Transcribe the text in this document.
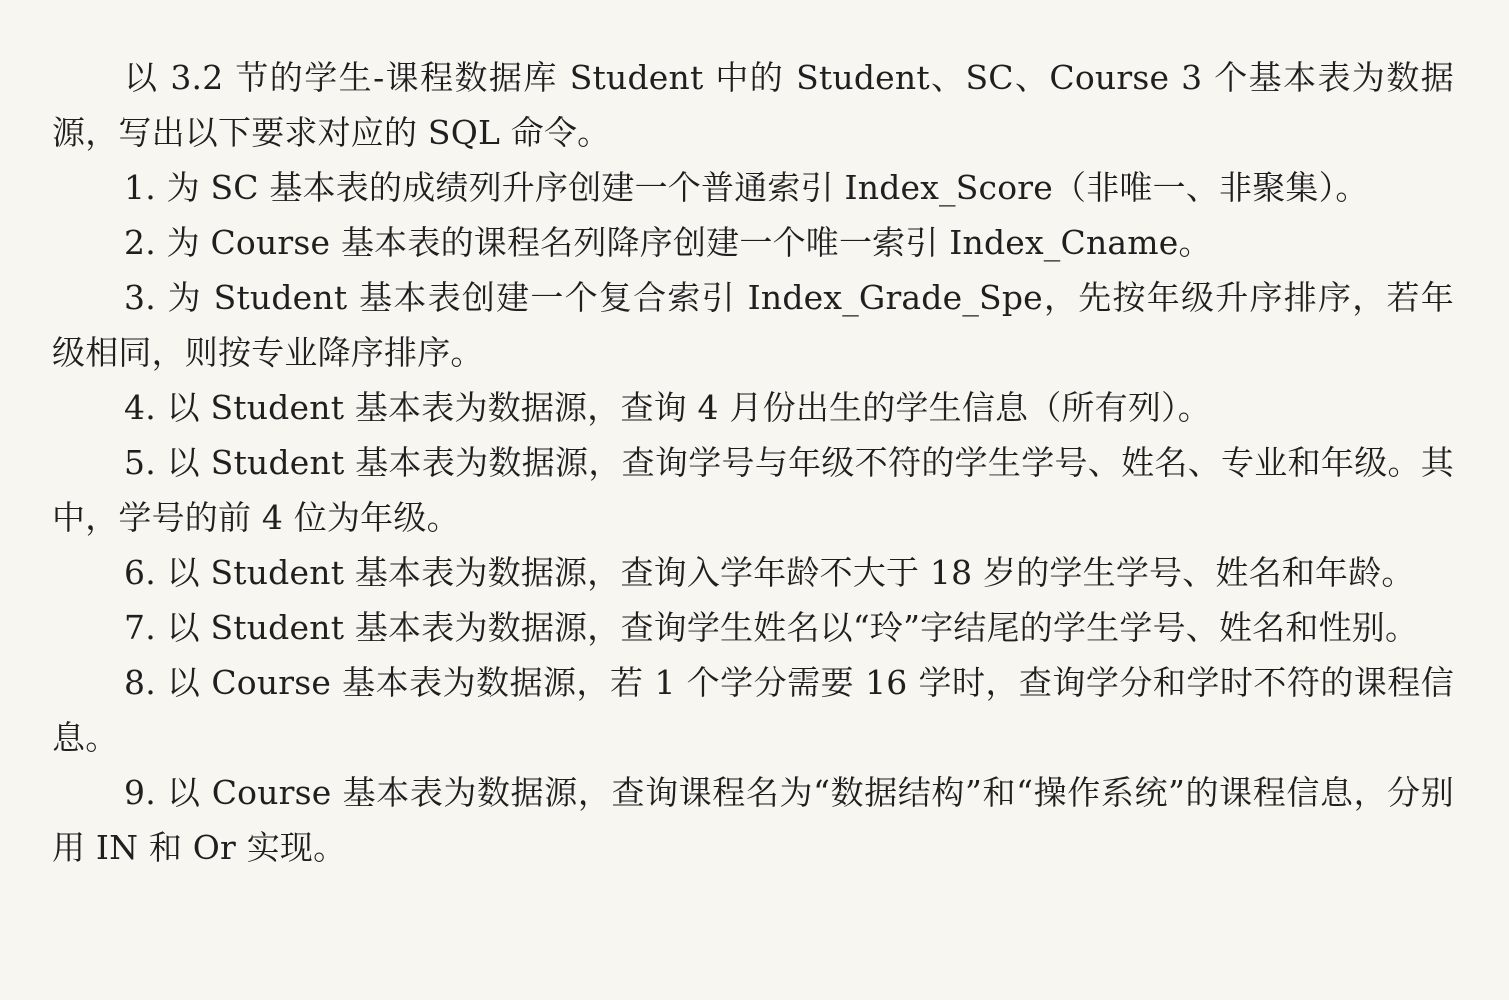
以 3.2 节的学生-课程数据库 Student 中的 Student、SC、Course 3 个基本表为数据源，写出以下要求对应的 SQL 命令。

1. 为 SC 基本表的成绩列升序创建一个普通索引 Index_Score（非唯一、非聚集）。

2. 为 Course 基本表的课程名列降序创建一个唯一索引 Index_Cname。

3. 为 Student 基本表创建一个复合索引 Index_Grade_Spe，先按年级升序排序，若年级相同，则按专业降序排序。

4. 以 Student 基本表为数据源，查询 4 月份出生的学生信息（所有列）。

5. 以 Student 基本表为数据源，查询学号与年级不符的学生学号、姓名、专业和年级。其中，学号的前 4 位为年级。

6. 以 Student 基本表为数据源，查询入学年龄不大于 18 岁的学生学号、姓名和年龄。

7. 以 Student 基本表为数据源，查询学生姓名以“玲”字结尾的学生学号、姓名和性别。

8. 以 Course 基本表为数据源，若 1 个学分需要 16 学时，查询学分和学时不符的课程信息。

9. 以 Course 基本表为数据源，查询课程名为“数据结构”和“操作系统”的课程信息，分别用 IN 和 Or 实现。
